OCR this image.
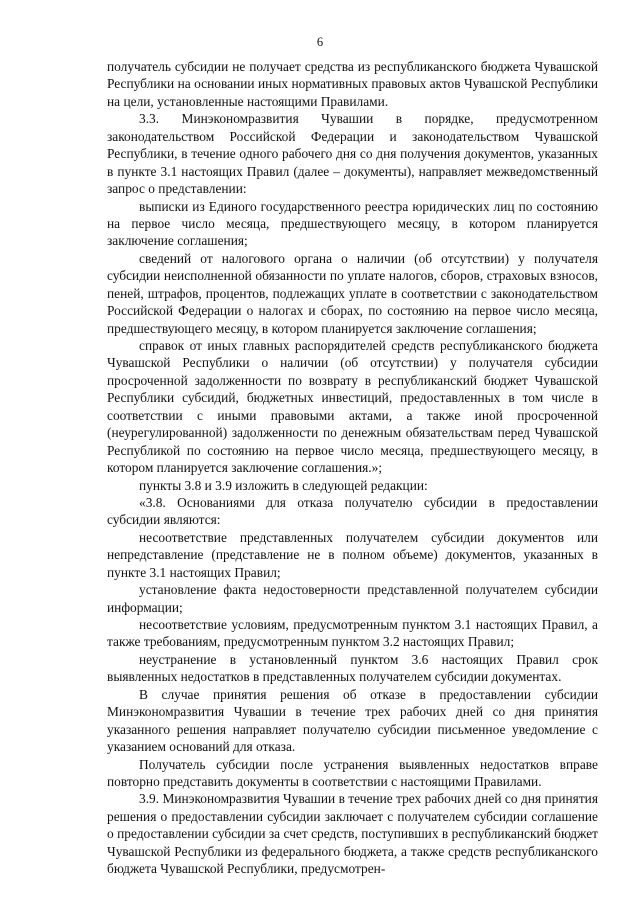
6

получатель субсидии не получает средства из республиканского бюджета Чувашской Республики на основании иных нормативных правовых актов Чувашской Республики на цели, установленные настоящими Правилами.

3.3. Минэкономразвития Чувашии в порядке, предусмотренном законодательством Российской Федерации и законодательством Чувашской Республики, в течение одного рабочего дня со дня получения документов, указанных в пункте 3.1 настоящих Правил (далее – документы), направляет межведомственный запрос о представлении:

выписки из Единого государственного реестра юридических лиц по состоянию на первое число месяца, предшествующего месяцу, в котором планируется заключение соглашения;

сведений от налогового органа о наличии (об отсутствии) у получателя субсидии неисполненной обязанности по уплате налогов, сборов, страховых взносов, пеней, штрафов, процентов, подлежащих уплате в соответствии с законодательством Российской Федерации о налогах и сборах, по состоянию на первое число месяца, предшествующего месяцу, в котором планируется заключение соглашения;

справок от иных главных распорядителей средств республиканского бюджета Чувашской Республики о наличии (об отсутствии) у получателя субсидии просроченной задолженности по возврату в республиканский бюджет Чувашской Республики субсидий, бюджетных инвестиций, предоставленных в том числе в соответствии с иными правовыми актами, а также иной просроченной (неурегулированной) задолженности по денежным обязательствам перед Чувашской Республикой по состоянию на первое число месяца, предшествующего месяцу, в котором планируется заключение соглашения.»;

пункты 3.8 и 3.9 изложить в следующей редакции:

«3.8. Основаниями для отказа получателю субсидии в предоставлении субсидии являются:

несоответствие представленных получателем субсидии документов или непредставление (представление не в полном объеме) документов, указанных в пункте 3.1 настоящих Правил;

установление факта недостоверности представленной получателем субсидии информации;

несоответствие условиям, предусмотренным пунктом 3.1 настоящих Правил, а также требованиям, предусмотренным пунктом 3.2 настоящих Правил;

неустранение в установленный пунктом 3.6 настоящих Правил срок выявленных недостатков в представленных получателем субсидии документах.

В случае принятия решения об отказе в предоставлении субсидии Минэкономразвития Чувашии в течение трех рабочих дней со дня принятия указанного решения направляет получателю субсидии письменное уведомление с указанием оснований для отказа.

Получатель субсидии после устранения выявленных недостатков вправе повторно представить документы в соответствии с настоящими Правилами.

3.9. Минэкономразвития Чувашии в течение трех рабочих дней со дня принятия решения о предоставлении субсидии заключает с получателем субсидии соглашение о предоставлении субсидии за счет средств, поступивших в республиканский бюджет Чувашской Республики из федерального бюджета, а также средств республиканского бюджета Чувашской Республики, предусмотрен-
